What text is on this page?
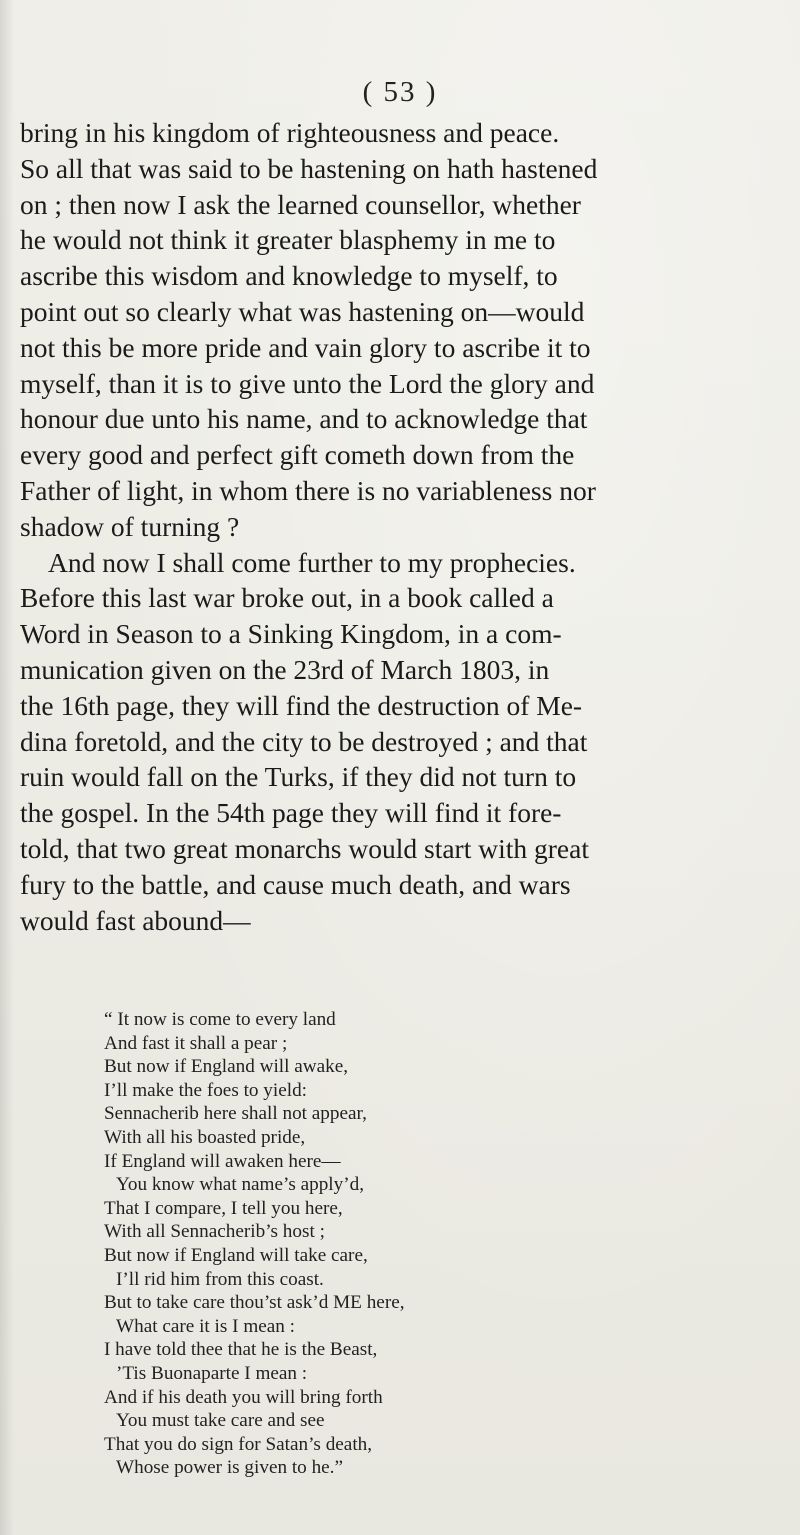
( 53 )
bring in his kingdom of righteousness and peace.
So all that was said to be hastening on hath hastened
on ; then now I ask the learned counsellor, whether
he would not think it greater blasphemy in me to
ascribe this wisdom and knowledge to myself, to
point out so clearly what was hastening on—would
not this be more pride and vain glory to ascribe it to
myself, than it is to give unto the Lord the glory and
honour due unto his name, and to acknowledge that
every good and perfect gift cometh down from the
Father of light, in whom there is no variableness nor
shadow of turning ?
And now I shall come further to my prophecies.
Before this last war broke out, in a book called a
Word in Season to a Sinking Kingdom, in a com-
munication given on the 23rd of March 1803, in
the 16th page, they will find the destruction of Me-
dina foretold, and the city to be destroyed ; and that
ruin would fall on the Turks, if they did not turn to
the gospel. In the 54th page they will find it fore-
told, that two great monarchs would start with great
fury to the battle, and cause much death, and wars
would fast abound—
“ It now is come to every land
And fast it shall a pear ;
But now if England will awake,
I’ll make the foes to yield:
Sennacherib here shall not appear,
With all his boasted pride,
If England will awaken here—
You know what name’s apply’d,
That I compare, I tell you here,
With all Sennacherib’s host ;
But now if England will take care,
I’ll rid him from this coast.
But to take care thou’st ask’d ME here,
What care it is I mean :
I have told thee that he is the Beast,
’Tis Buonaparte I mean :
And if his death you will bring forth
You must take care and see
That you do sign for Satan’s death,
Whose power is given to he.”
